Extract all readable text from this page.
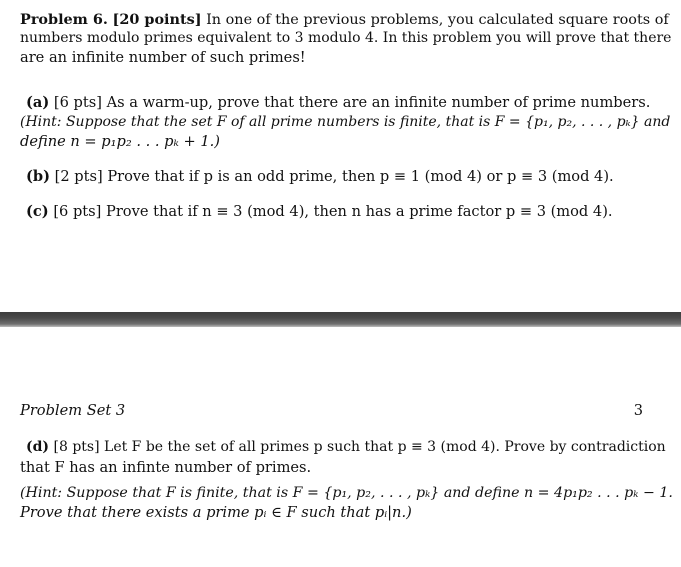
Problem 6. [20 points] In one of the previous problems, you calculated square roots of
numbers modulo primes equivalent to 3 modulo 4. In this problem you will prove that there
are an infinite number of such primes!
(a) [6 pts] As a warm-up, prove that there are an infinite number of prime numbers.
(Hint: Suppose that the set F of all prime numbers is finite, that is F = {p₁, p₂, . . . , pₖ} and
define n = p₁p₂ . . . pₖ + 1.)
(b) [2 pts] Prove that if p is an odd prime, then p ≡ 1 (mod 4) or p ≡ 3 (mod 4).
(c) [6 pts] Prove that if n ≡ 3 (mod 4), then n has a prime factor p ≡ 3 (mod 4).
Problem Set 3	3
(d) [8 pts] Let F be the set of all primes p such that p ≡ 3 (mod 4). Prove by contradiction
that F has an infinte number of primes.
(Hint: Suppose that F is finite, that is F = {p₁, p₂, . . . , pₖ} and define n = 4p₁p₂ . . . pₖ − 1.
Prove that there exists a prime pᵢ ∈ F such that pᵢ|n.)
